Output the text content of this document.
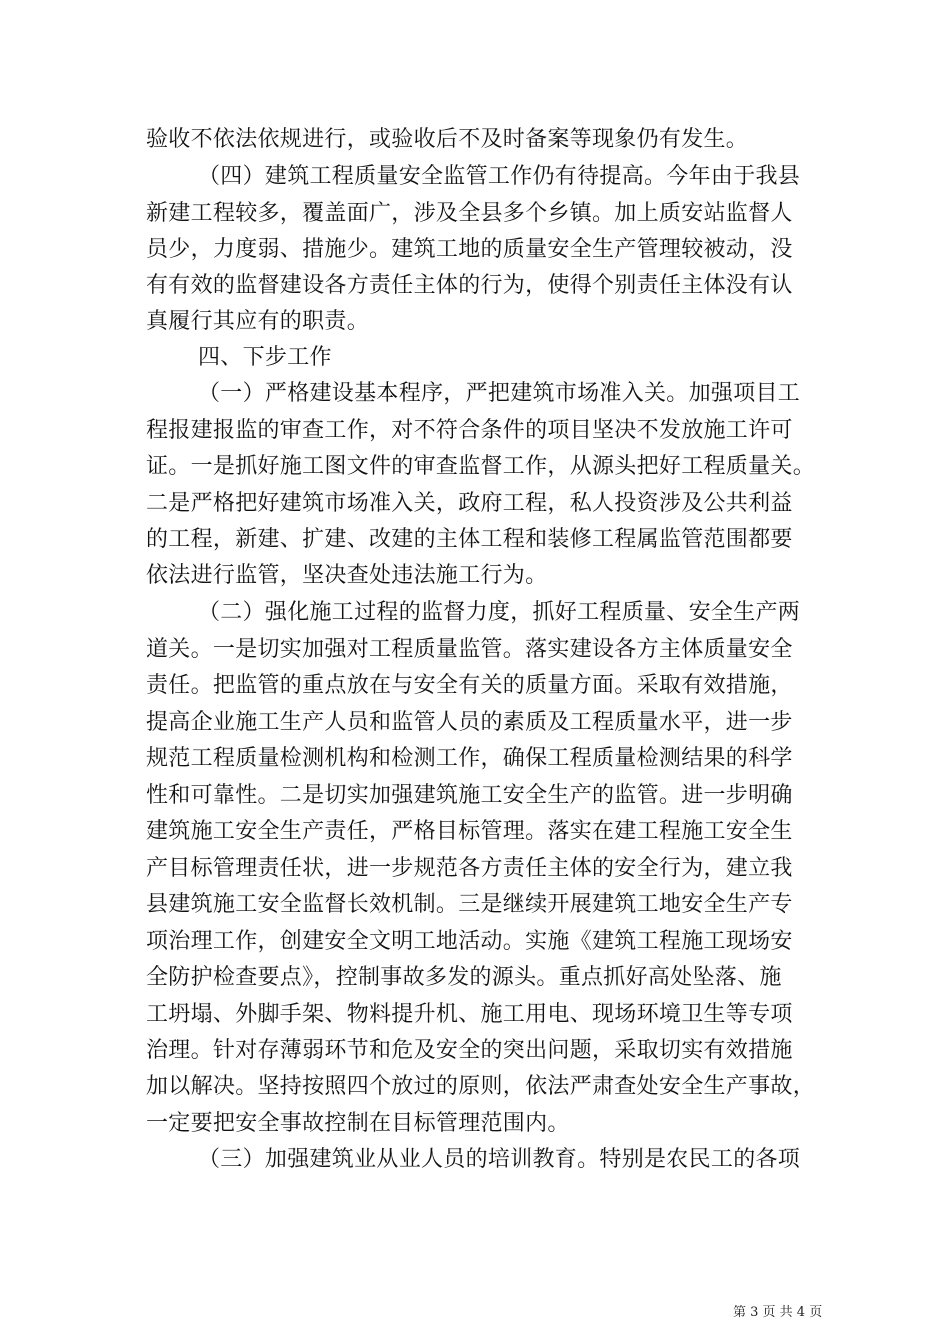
验收不依法依规进行，或验收后不及时备案等现象仍有发生。
（四）建筑工程质量安全监管工作仍有待提高。今年由于我县
新建工程较多，覆盖面广，涉及全县多个乡镇。加上质安站监督人
员少，力度弱、措施少。建筑工地的质量安全生产管理较被动，没
有有效的监督建设各方责任主体的行为，使得个别责任主体没有认
真履行其应有的职责。
四、下步工作
（一）严格建设基本程序，严把建筑市场准入关。加强项目工
程报建报监的审查工作，对不符合条件的项目坚决不发放施工许可
证。一是抓好施工图文件的审查监督工作，从源头把好工程质量关。
二是严格把好建筑市场准入关，政府工程，私人投资涉及公共利益
的工程，新建、扩建、改建的主体工程和装修工程属监管范围都要
依法进行监管，坚决查处违法施工行为。
（二）强化施工过程的监督力度，抓好工程质量、安全生产两
道关。一是切实加强对工程质量监管。落实建设各方主体质量安全
责任。把监管的重点放在与安全有关的质量方面。采取有效措施，
提高企业施工生产人员和监管人员的素质及工程质量水平，进一步
规范工程质量检测机构和检测工作，确保工程质量检测结果的科学
性和可靠性。二是切实加强建筑施工安全生产的监管。进一步明确
建筑施工安全生产责任，严格目标管理。落实在建工程施工安全生
产目标管理责任状，进一步规范各方责任主体的安全行为，建立我
县建筑施工安全监督长效机制。三是继续开展建筑工地安全生产专
项治理工作，创建安全文明工地活动。实施《建筑工程施工现场安
全防护检查要点》，控制事故多发的源头。重点抓好高处坠落、施
工坍塌、外脚手架、物料提升机、施工用电、现场环境卫生等专项
治理。针对存薄弱环节和危及安全的突出问题，采取切实有效措施
加以解决。坚持按照四个放过的原则，依法严肃查处安全生产事故，
一定要把安全事故控制在目标管理范围内。
（三）加强建筑业从业人员的培训教育。特别是农民工的各项
第 3 页 共 4 页
